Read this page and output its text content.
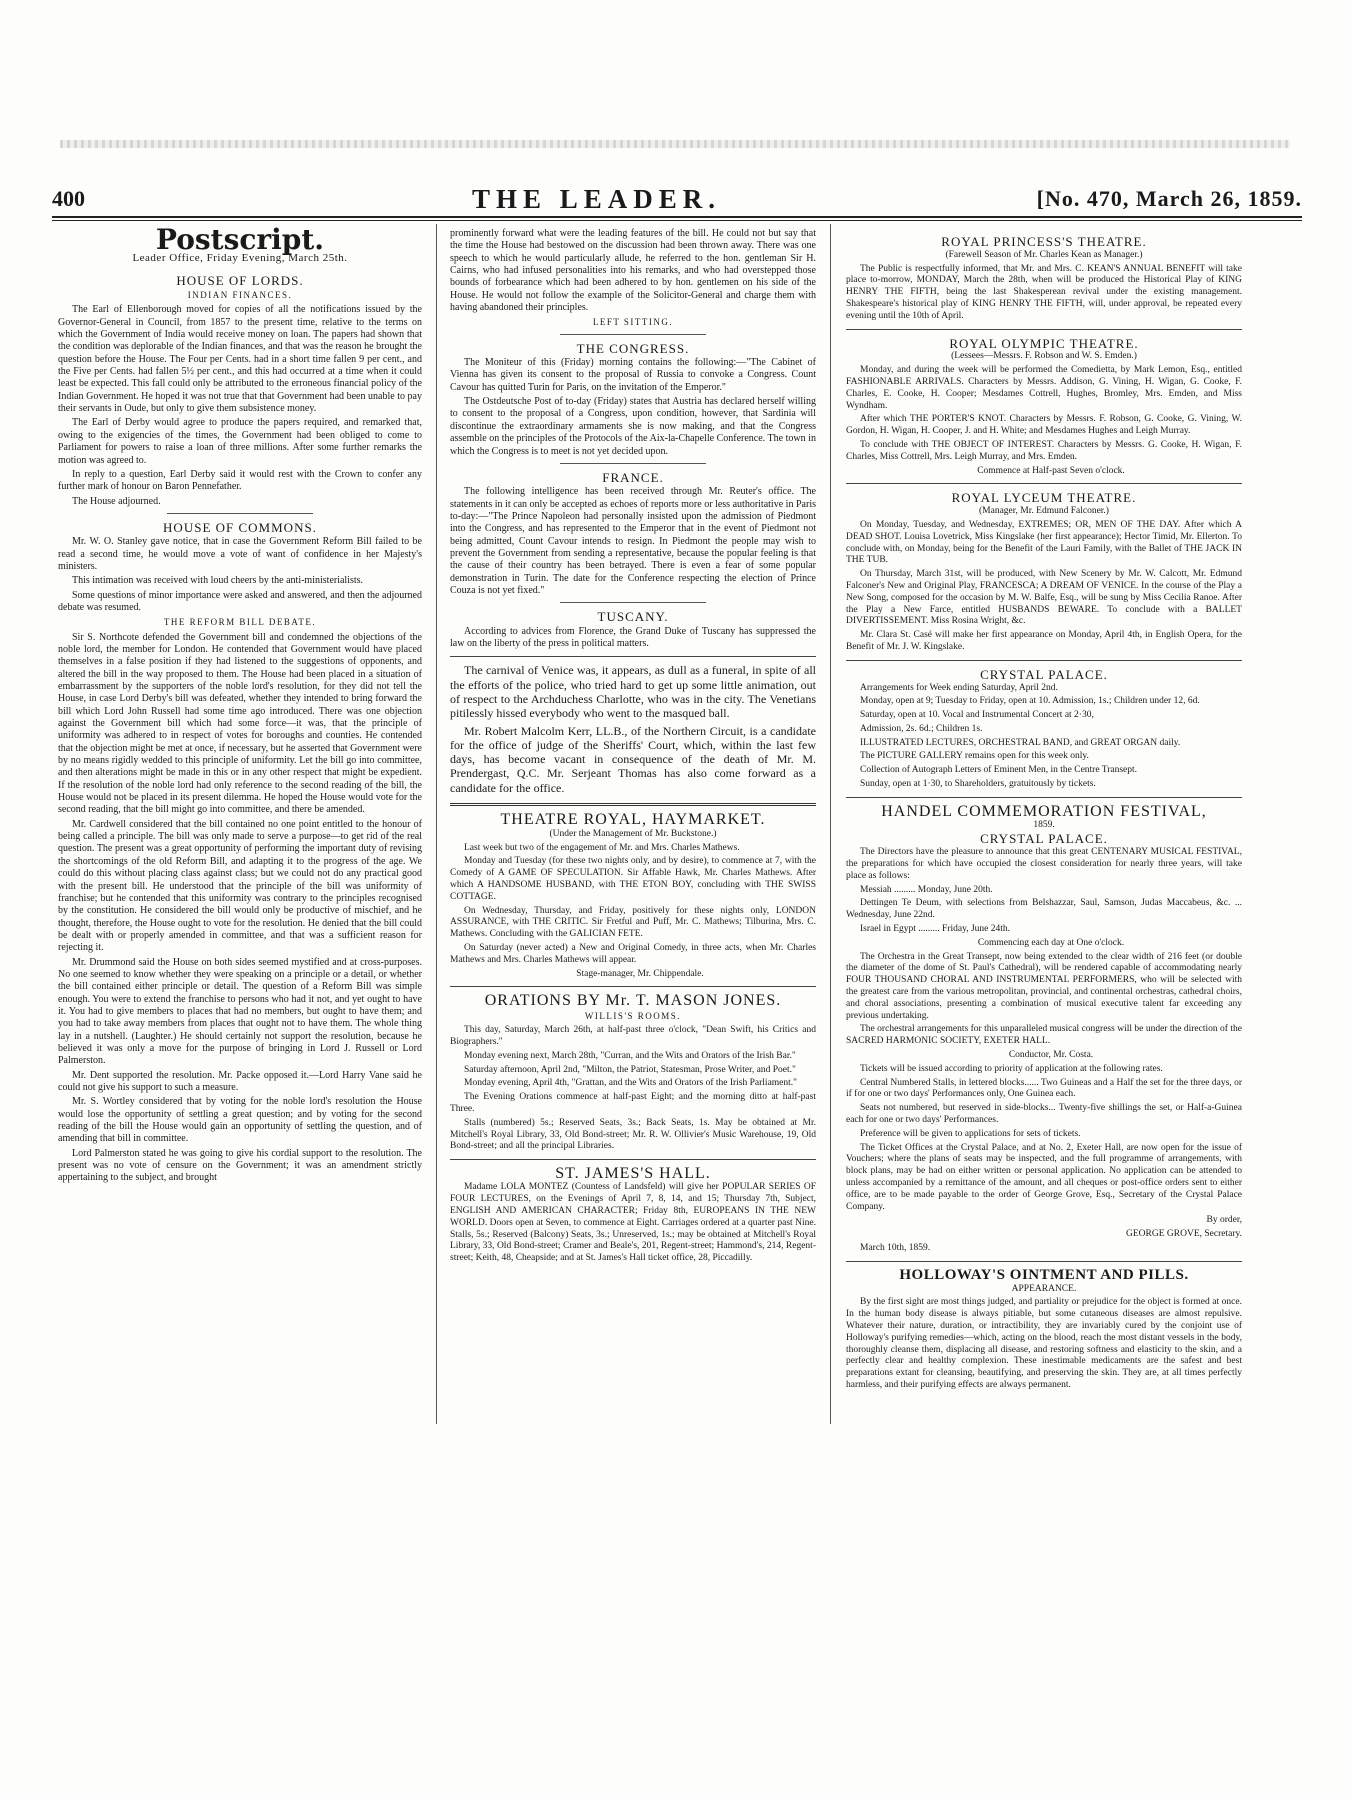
400	THE LEADER.	[No. 470, March 26, 1859.
Postscript.
Leader Office, Friday Evening, March 25th.
HOUSE OF LORDS.
INDIAN FINANCES.

The Earl of Ellenborough moved for copies of all the notifications issued by the Governor-General in Council, from 1857 to the present time, relative to the terms on which the Government of India would receive money on loan. The papers had shown that the condition was deplorable of the Indian finances, and that was the reason he brought the question before the House. The Four per Cents. had in a short time fallen 9 per cent., and the Five per Cents. had fallen 5½ per cent., and this had occurred at a time when it could least be expected. This fall could only be attributed to the erroneous financial policy of the Indian Government. He hoped it was not true that that Government had been unable to pay their servants in Oude, but only to give them subsistence money.

The Earl of Derby would agree to produce the papers required, and remarked that, owing to the exigencies of the times, the Government had been obliged to come to Parliament for powers to raise a loan of three millions. After some further remarks the motion was agreed to.

In reply to a question, Earl Derby said it would rest with the Crown to confer any further mark of honour on Baron Pennefather.

The House adjourned.

HOUSE OF COMMONS.

Mr. W. O. Stanley gave notice, that in case the Government Reform Bill failed to be read a second time, he would move a vote of want of confidence in her Majesty's ministers.

This intimation was received with loud cheers by the anti-ministerialists.

Some questions of minor importance were asked and answered, and then the adjourned debate was resumed.

THE REFORM BILL DEBATE.

Sir S. Northcote defended the Government bill and condemned the objections of the noble lord, the member for London. He contended that Government would have placed themselves in a false position if they had listened to the suggestions of opponents, and altered the bill in the way proposed to them. The House had been placed in a situation of embarrassment by the supporters of the noble lord's resolution, for they did not tell the House, in case Lord Derby's bill was defeated, whether they intended to bring forward the bill which Lord John Russell had some time ago introduced. There was one objection against the Government bill which had some force—it was, that the principle of uniformity was adhered to in respect of votes for boroughs and counties. He contended that the objection might be met at once, if necessary, but he asserted that Government were by no means rigidly wedded to this principle of uniformity. Let the bill go into committee, and then alterations might be made in this or in any other respect that might be expedient. If the resolution of the noble lord had only reference to the second reading of the bill, the House would not be placed in its present dilemma. He hoped the House would vote for the second reading, that the bill might go into committee, and there be amended.

Mr. Cardwell considered that the bill contained no one point entitled to the honour of being called a principle. The bill was only made to serve a purpose—to get rid of the real question. The present was a great opportunity of performing the important duty of revising the shortcomings of the old Reform Bill, and adapting it to the progress of the age. We could do this without placing class against class; but we could not do any practical good with the present bill. He understood that the principle of the bill was uniformity of franchise; but he contended that this uniformity was contrary to the principles recognised by the constitution. He considered the bill would only be productive of mischief, and he thought, therefore, the House ought to vote for the resolution. He denied that the bill could be dealt with or properly amended in committee, and that was a sufficient reason for rejecting it.

Mr. Drummond said the House on both sides seemed mystified and at cross-purposes. No one seemed to know whether they were speaking on a principle or a detail, or whether the bill contained either principle or detail. The question of a Reform Bill was simple enough. You were to extend the franchise to persons who had it not, and yet ought to have it. You had to give members to places that had no members, but ought to have them; and you had to take away members from places that ought not to have them. The whole thing lay in a nutshell. (Laughter.) He should certainly not support the resolution, because he believed it was only a move for the purpose of bringing in Lord J. Russell or Lord Palmerston.

Mr. Dent supported the resolution. Mr. Packe opposed it.—Lord Harry Vane said he could not give his support to such a measure.

Mr. S. Wortley considered that by voting for the noble lord's resolution the House would lose the opportunity of settling a great question; and by voting for the second reading of the bill the House would gain an opportunity of settling the question, and of amending that bill in committee.

Lord Palmerston stated he was going to give his cordial support to the resolution. The present was no vote of censure on the Government; it was an amendment strictly appertaining to the subject, and brought

prominently forward what were the leading features of the bill. He could not but say that the time the House had bestowed on the discussion had been thrown away. There was one speech to which he would particularly allude, he referred to the hon. gentleman Sir H. Cairns, who had infused personalities into his remarks, and who had overstepped those bounds of forbearance which had been adhered to by hon. gentlemen on his side of the House. He would not follow the example of the Solicitor-General and charge them with having abandoned their principles.

LEFT SITTING.
THE CONGRESS.

The Moniteur of this (Friday) morning contains the following:—"The Cabinet of Vienna has given its consent to the proposal of Russia to convoke a Congress. Count Cavour has quitted Turin for Paris, on the invitation of the Emperor."

The Ostdeutsche Post of to-day (Friday) states that Austria has declared herself willing to consent to the proposal of a Congress, upon condition, however, that Sardinia will discontinue the extraordinary armaments she is now making, and that the Congress assemble on the principles of the Protocols of the Aix-la-Chapelle Conference. The town in which the Congress is to meet is not yet decided upon.

FRANCE.

The following intelligence has been received through Mr. Reuter's office. The statements in it can only be accepted as echoes of reports more or less authoritative in Paris to-day:—"The Prince Napoleon had personally insisted upon the admission of Piedmont into the Congress, and has represented to the Emperor that in the event of Piedmont not being admitted, Count Cavour intends to resign. In Piedmont the people may wish to prevent the Government from sending a representative, because the popular feeling is that the cause of their country has been betrayed. There is even a fear of some popular demonstration in Turin. The date for the Conference respecting the election of Prince Couza is not yet fixed."

TUSCANY.

According to advices from Florence, the Grand Duke of Tuscany has suppressed the law on the liberty of the press in political matters.

The carnival of Venice was, it appears, as dull as a funeral, in spite of all the efforts of the police, who tried hard to get up some little animation, out of respect to the Archduchess Charlotte, who was in the city. The Venetians pitilessly hissed everybody who went to the masqued ball.

Mr. Robert Malcolm Kerr, LL.B., of the Northern Circuit, is a candidate for the office of judge of the Sheriffs' Court, which, within the last few days, has become vacant in consequence of the death of Mr. M. Prendergast, Q.C. Mr. Serjeant Thomas has also come forward as a candidate for the office.

THEATRE ROYAL, HAYMARKET.
(Under the Management of Mr. Buckstone.)

Last week but two of the engagement of Mr. and Mrs. Charles Mathews.

Monday and Tuesday (for these two nights only, and by desire), to commence at 7, with the Comedy of A GAME OF SPECULATION. Sir Affable Hawk, Mr. Charles Mathews. After which A HANDSOME HUSBAND, with THE ETON BOY, concluding with THE SWISS COTTAGE.

On Wednesday, Thursday, and Friday, positively for these nights only, LONDON ASSURANCE, with THE CRITIC. Sir Fretful and Puff, Mr. C. Mathews; Tilburina, Mrs. C. Mathews. Concluding with the GALICIAN FETE.

On Saturday (never acted) a New and Original Comedy, in three acts, when Mr. Charles Mathews and Mrs. Charles Mathews will appear.

Stage-manager, Mr. Chippendale.

ORATIONS BY Mr. T. MASON JONES.
WILLIS'S ROOMS.

This day, Saturday, March 26th, at half-past three o'clock, "Dean Swift, his Critics and Biographers."

Monday evening next, March 28th, "Curran, and the Wits and Orators of the Irish Bar."

Saturday afternoon, April 2nd, "Milton, the Patriot, Statesman, Prose Writer, and Poet."

Monday evening, April 4th, "Grattan, and the Wits and Orators of the Irish Parliament."

The Evening Orations commence at half-past Eight; and the morning ditto at half-past Three.

Stalls (numbered) 5s.; Reserved Seats, 3s.; Back Seats, 1s. May be obtained at Mr. Mitchell's Royal Library, 33, Old Bond-street; Mr. R. W. Ollivier's Music Warehouse, 19, Old Bond-street; and all the principal Libraries.

ST. JAMES'S HALL.

Madame LOLA MONTEZ (Countess of Landsfeld) will give her POPULAR SERIES OF FOUR LECTURES, on the Evenings of April 7, 8, 14, and 15; Thursday 7th, Subject, ENGLISH AND AMERICAN CHARACTER; Friday 8th, EUROPEANS IN THE NEW WORLD. Doors open at Seven, to commence at Eight. Carriages ordered at a quarter past Nine. Stalls, 5s.; Reserved (Balcony) Seats, 3s.; Unreserved, 1s.; may be obtained at Mitchell's Royal Library, 33, Old Bond-street; Cramer and Beale's, 201, Regent-street; Hammond's, 214, Regent-street; Keith, 48, Cheapside; and at St. James's Hall ticket office, 28, Piccadilly.

ROYAL PRINCESS'S THEATRE.
(Farewell Season of Mr. Charles Kean as Manager.)

The Public is respectfully informed, that Mr. and Mrs. C. KEAN'S ANNUAL BENEFIT will take place to-morrow, MONDAY, March the 28th, when will be produced the Historical Play of KING HENRY THE FIFTH, being the last Shakesperean revival under the existing management. Shakespeare's historical play of KING HENRY THE FIFTH, will, under approval, be repeated every evening until the 10th of April.

ROYAL OLYMPIC THEATRE.
(Lessees—Messrs. F. Robson and W. S. Emden.)

Monday, and during the week will be performed the Comedietta, by Mark Lemon, Esq., entitled FASHIONABLE ARRIVALS. Characters by Messrs. Addison, G. Vining, H. Wigan, G. Cooke, F. Charles, E. Cooke, H. Cooper; Mesdames Cottrell, Hughes, Bromley, Mrs. Emden, and Miss Wyndham.

After which THE PORTER'S KNOT. Characters by Messrs. F. Robson, G. Cooke, G. Vining, W. Gordon, H. Wigan, H. Cooper, J. and H. White; and Mesdames Hughes and Leigh Murray.

To conclude with THE OBJECT OF INTEREST. Characters by Messrs. G. Cooke, H. Wigan, F. Charles, Miss Cottrell, Mrs. Leigh Murray, and Mrs. Emden.

Commence at Half-past Seven o'clock.

ROYAL LYCEUM THEATRE.
(Manager, Mr. Edmund Falconer.)

On Monday, Tuesday, and Wednesday, EXTREMES; OR, MEN OF THE DAY. After which A DEAD SHOT. Louisa Lovetrick, Miss Kingslake (her first appearance); Hector Timid, Mr. Ellerton. To conclude with, on Monday, being for the Benefit of the Lauri Family, with the Ballet of THE JACK IN THE TUB.

On Thursday, March 31st, will be produced, with New Scenery by Mr. W. Calcott, Mr. Edmund Falconer's New and Original Play, FRANCESCA; A DREAM OF VENICE. In the course of the Play a New Song, composed for the occasion by M. W. Balfe, Esq., will be sung by Miss Cecilia Ranoe. After the Play a New Farce, entitled HUSBANDS BEWARE. To conclude with a BALLET DIVERTISSEMENT. Miss Rosina Wright, &c.

Mr. Clara St. Casé will make her first appearance on Monday, April 4th, in English Opera, for the Benefit of Mr. J. W. Kingslake.

CRYSTAL PALACE.

Arrangements for Week ending Saturday, April 2nd.

Monday, open at 9; Tuesday to Friday, open at 10. Admission, 1s.; Children under 12, 6d.

Saturday, open at 10. Vocal and Instrumental Concert at 2·30,

Admission, 2s. 6d.; Children 1s.

ILLUSTRATED LECTURES, ORCHESTRAL BAND, and GREAT ORGAN daily.

The PICTURE GALLERY remains open for this week only.

Collection of Autograph Letters of Eminent Men, in the Centre Transept.

Sunday, open at 1·30, to Shareholders, gratuitously by tickets.

HANDEL COMMEMORATION FESTIVAL,
1859.
CRYSTAL PALACE.

The Directors have the pleasure to announce that this great CENTENARY MUSICAL FESTIVAL, the preparations for which have occupied the closest consideration for nearly three years, will take place as follows:

Messiah ......... Monday, June 20th.

Dettingen Te Deum, with selections from Belshazzar, Saul, Samson, Judas Maccabeus, &c. ... Wednesday, June 22nd.

Israel in Egypt ......... Friday, June 24th.

Commencing each day at One o'clock.

The Orchestra in the Great Transept, now being extended to the clear width of 216 feet (or double the diameter of the dome of St. Paul's Cathedral), will be rendered capable of accommodating nearly FOUR THOUSAND CHORAL AND INSTRUMENTAL PERFORMERS, who will be selected with the greatest care from the various metropolitan, provincial, and continental orchestras, cathedral choirs, and choral associations, presenting a combination of musical executive talent far exceeding any previous undertaking.

The orchestral arrangements for this unparalleled musical congress will be under the direction of the SACRED HARMONIC SOCIETY, EXETER HALL.

Conductor, Mr. Costa.

Tickets will be issued according to priority of application at the following rates.

Central Numbered Stalls, in lettered blocks...... Two Guineas and a Half the set for the three days, or if for one or two days' Performances only, One Guinea each.

Seats not numbered, but reserved in side-blocks... Twenty-five shillings the set, or Half-a-Guinea each for one or two days' Performances.

Preference will be given to applications for sets of tickets.

The Ticket Offices at the Crystal Palace, and at No. 2, Exeter Hall, are now open for the issue of Vouchers; where the plans of seats may be inspected, and the full programme of arrangements, with block plans, may be had on either written or personal application. No application can be attended to unless accompanied by a remittance of the amount, and all cheques or post-office orders sent to either office, are to be made payable to the order of George Grove, Esq., Secretary of the Crystal Palace Company.

By order,

GEORGE GROVE, Secretary.

March 10th, 1859.

HOLLOWAY'S OINTMENT AND PILLS.
APPEARANCE.

By the first sight are most things judged, and partiality or prejudice for the object is formed at once. In the human body disease is always pitiable, but some cutaneous diseases are almost repulsive. Whatever their nature, duration, or intractibility, they are invariably cured by the conjoint use of Holloway's purifying remedies—which, acting on the blood, reach the most distant vessels in the body, thoroughly cleanse them, displacing all disease, and restoring softness and elasticity to the skin, and a perfectly clear and healthy complexion. These inestimable medicaments are the safest and best preparations extant for cleansing, beautifying, and preserving the skin. They are, at all times perfectly harmless, and their purifying effects are always permanent.
